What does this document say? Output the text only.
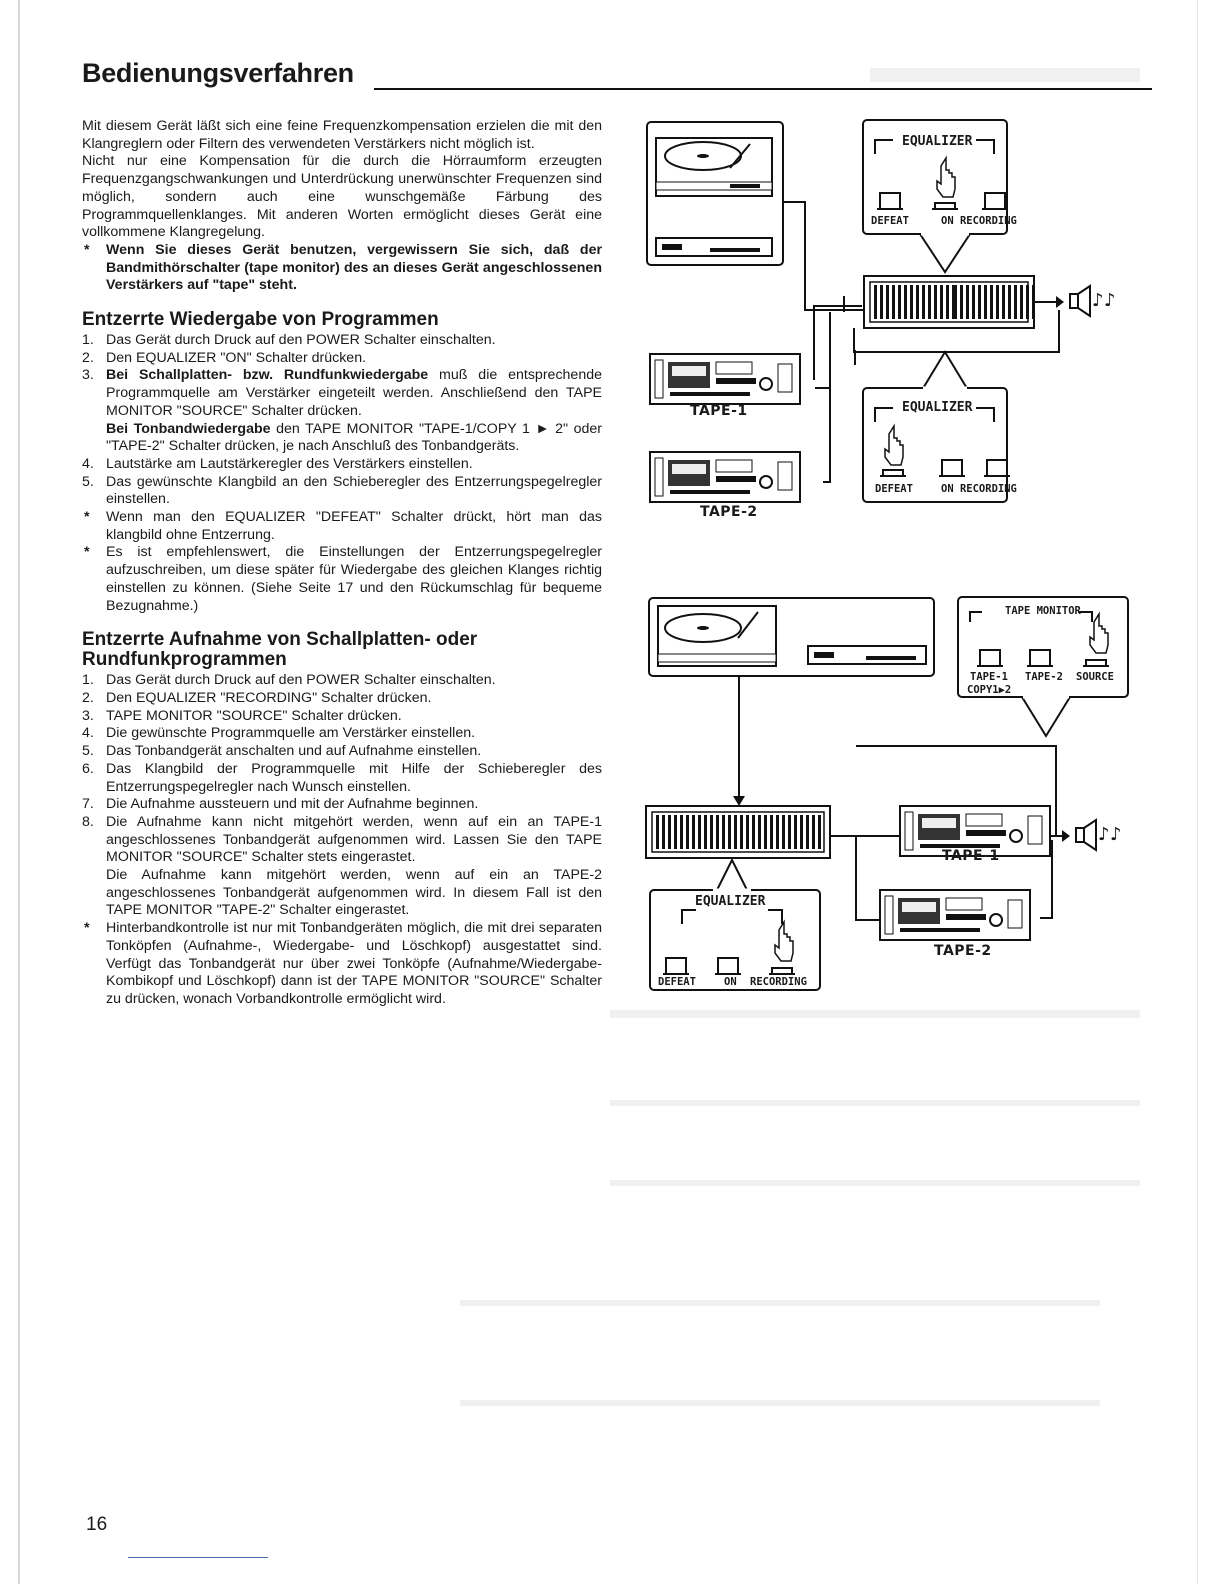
Bedienungsverfahren

Mit diesem Gerät läßt sich eine feine Frequenzkompensation erzielen die mit den Klangreglern oder Filtern des verwendeten Verstärkers nicht möglich ist.

Nicht nur eine Kompensation für die durch die Hörraumform erzeugten Frequenzgangschwankungen und Unterdrückung unerwünschter Frequenzen sind möglich, sondern auch eine wunschgemäße Färbung des Programmquellenklanges. Mit anderen Worten ermöglicht dieses Gerät eine vollkommene Klangregelung.

* Wenn Sie dieses Gerät benutzen, vergewissern Sie sich, daß der Bandmithörschalter (tape monitor) des an dieses Gerät angeschlossenen Verstärkers auf "tape" steht.
Entzerrte Wiedergabe von Programmen
1. Das Gerät durch Druck auf den POWER Schalter einschalten.
2. Den EQUALIZER "ON" Schalter drücken.
3. Bei Schallplatten- bzw. Rundfunkwiedergabe muß die entsprechende Programmquelle am Verstärker eingeteilt werden. Anschließend den TAPE MONITOR "SOURCE" Schalter drücken.
Bei Tonbandwiedergabe den TAPE MONITOR "TAPE-1/COPY 1 ► 2" oder "TAPE-2" Schalter drücken, je nach Anschluß des Tonbandgeräts.
4. Lautstärke am Lautstärkeregler des Verstärkers einstellen.
5. Das gewünschte Klangbild an den Schieberegler des Entzerrungspegelregler einstellen.
* Wenn man den EQUALIZER "DEFEAT" Schalter drückt, hört man das klangbild ohne Entzerrung.
* Es ist empfehlenswert, die Einstellungen der Entzerrungspegelregler aufzuschreiben, um diese später für Wiedergabe des gleichen Klanges richtig einstellen zu können. (Siehe Seite 17 und den Rückumschlag für bequeme Bezugnahme.)
Entzerrte Aufnahme von Schallplatten- oder Rundfunkprogrammen
1. Das Gerät durch Druck auf den POWER Schalter einschalten.
2. Den EQUALIZER "RECORDING" Schalter drücken.
3. TAPE MONITOR "SOURCE" Schalter drücken.
4. Die gewünschte Programmquelle am Verstärker einstellen.
5. Das Tonbandgerät anschalten und auf Aufnahme einstellen.
6. Das Klangbild der Programmquelle mit Hilfe der Schieberegler des Entzerrungspegelregler nach Wunsch einstellen.
7. Die Aufnahme aussteuern und mit der Aufnahme beginnen.
8. Die Aufnahme kann nicht mitgehört werden, wenn auf ein an TAPE-1 angeschlossenes Tonbandgerät aufgenommen wird. Lassen Sie den TAPE MONITOR "SOURCE" Schalter stets eingerastet.
Die Aufnahme kann mitgehört werden, wenn auf ein an TAPE-2 angeschlossenes Tonbandgerät aufgenommen wird. In diesem Fall ist den TAPE MONITOR "TAPE-2" Schalter eingerastet.
* Hinterbandkontrolle ist nur mit Tonbandgeräten möglich, die mit drei separaten Tonköpfen (Aufnahme-, Wiedergabe- und Löschkopf) ausgestattet sind. Verfügt das Tonbandgerät nur über zwei Tonköpfe (Aufnahme/Wiedergabe-Kombikopf und Löschkopf) dann ist der TAPE MONITOR "SOURCE" Schalter zu drücken, wonach Vorbandkontrolle ermöglicht wird.
EQUALIZER
DEFEAT	ON RECORDING
TAPE-1
TAPE-2
EQUALIZER
DEFEAT	ON RECORDING
♪♪
TAPE MONITOR
TAPE-1
COPY1▶2
TAPE-2 SOURCE
TAPE-1
TAPE-2
EQUALIZER
DEFEAT	ON RECORDING
♪♪
16
